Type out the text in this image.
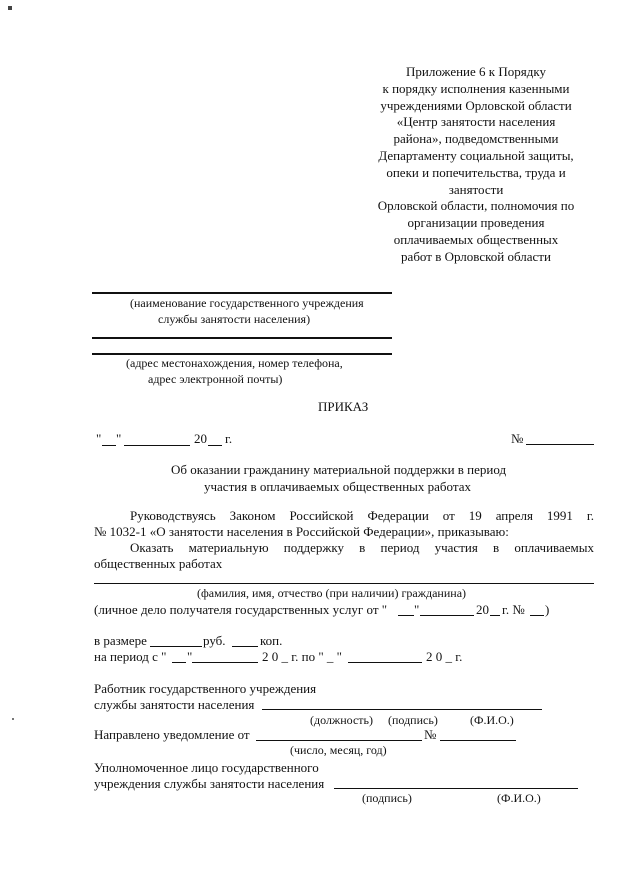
Приложение 6 к Порядку
к порядку исполнения казенными
учреждениями Орловской области
«Центр занятости населения
района», подведомственными
Департаменту социальной защиты,
опеки и попечительства, труда и
занятости
Орловской области, полномочия по
организации проведения
оплачиваемых общественных
работ в Орловской области
(наименование государственного учреждения
службы занятости населения)
(адрес местонахождения, номер телефона,
адрес электронной почты)
ПРИКАЗ
" "	20 г.	№
Об оказании гражданину материальной поддержки в период
участия в оплачиваемых общественных работах
Руководствуясь Законом Российской Федерации от 19 апреля 1991 г.
№ 1032-1 «О занятости населения в Российской Федерации», приказываю:
Оказать материальную поддержку в период участия в оплачиваемых
общественных работах
(фамилия, имя, отчество (при наличии) гражданина)
(личное дело получателя государственных услуг от " "	20 г. № )
в размере	руб.	коп.
на период с " "	2 0 _ г. по " _ "	2 0 _ г.
Работник государственного учреждения
службы занятости населения
(должность) (подпись)	(Ф.И.О.)
Направлено уведомление от	№
(число, месяц, год)
Уполномоченное лицо государственного
учреждения службы занятости населения
(подпись)	(Ф.И.О.)
